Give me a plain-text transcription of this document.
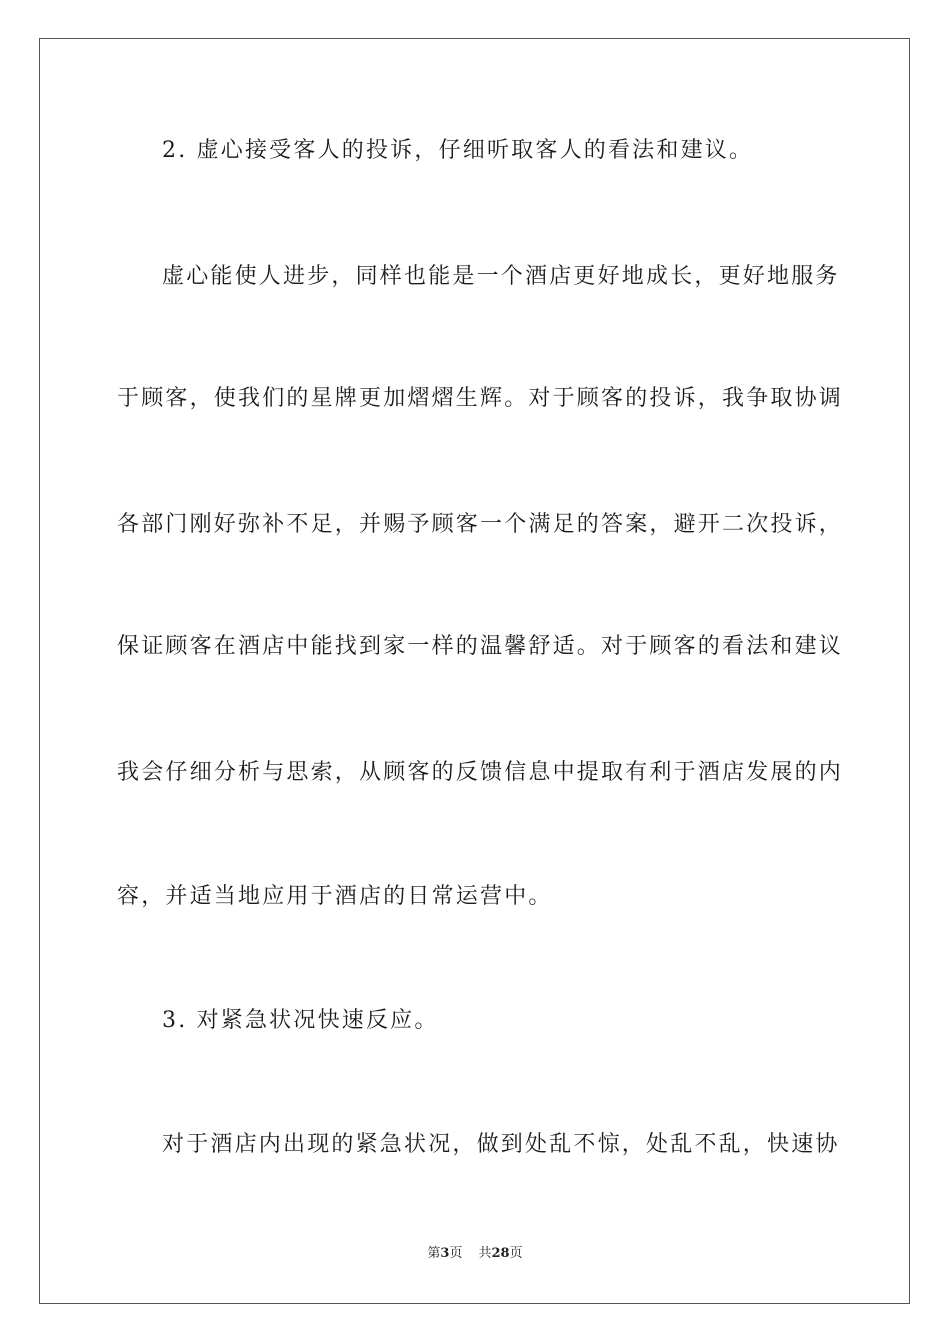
2. 虚心接受客人的投诉，仔细听取客人的看法和建议。

虚心能使人进步，同样也能是一个酒店更好地成长，更好地服务

于顾客，使我们的星牌更加熠熠生辉。对于顾客的投诉，我争取协调

各部门刚好弥补不足，并赐予顾客一个满足的答案，避开二次投诉，

保证顾客在酒店中能找到家一样的温馨舒适。对于顾客的看法和建议

我会仔细分析与思索，从顾客的反馈信息中提取有利于酒店发展的内

容，并适当地应用于酒店的日常运营中。

3. 对紧急状况快速反应。

对于酒店内出现的紧急状况，做到处乱不惊，处乱不乱，快速协

第3页 共28页
